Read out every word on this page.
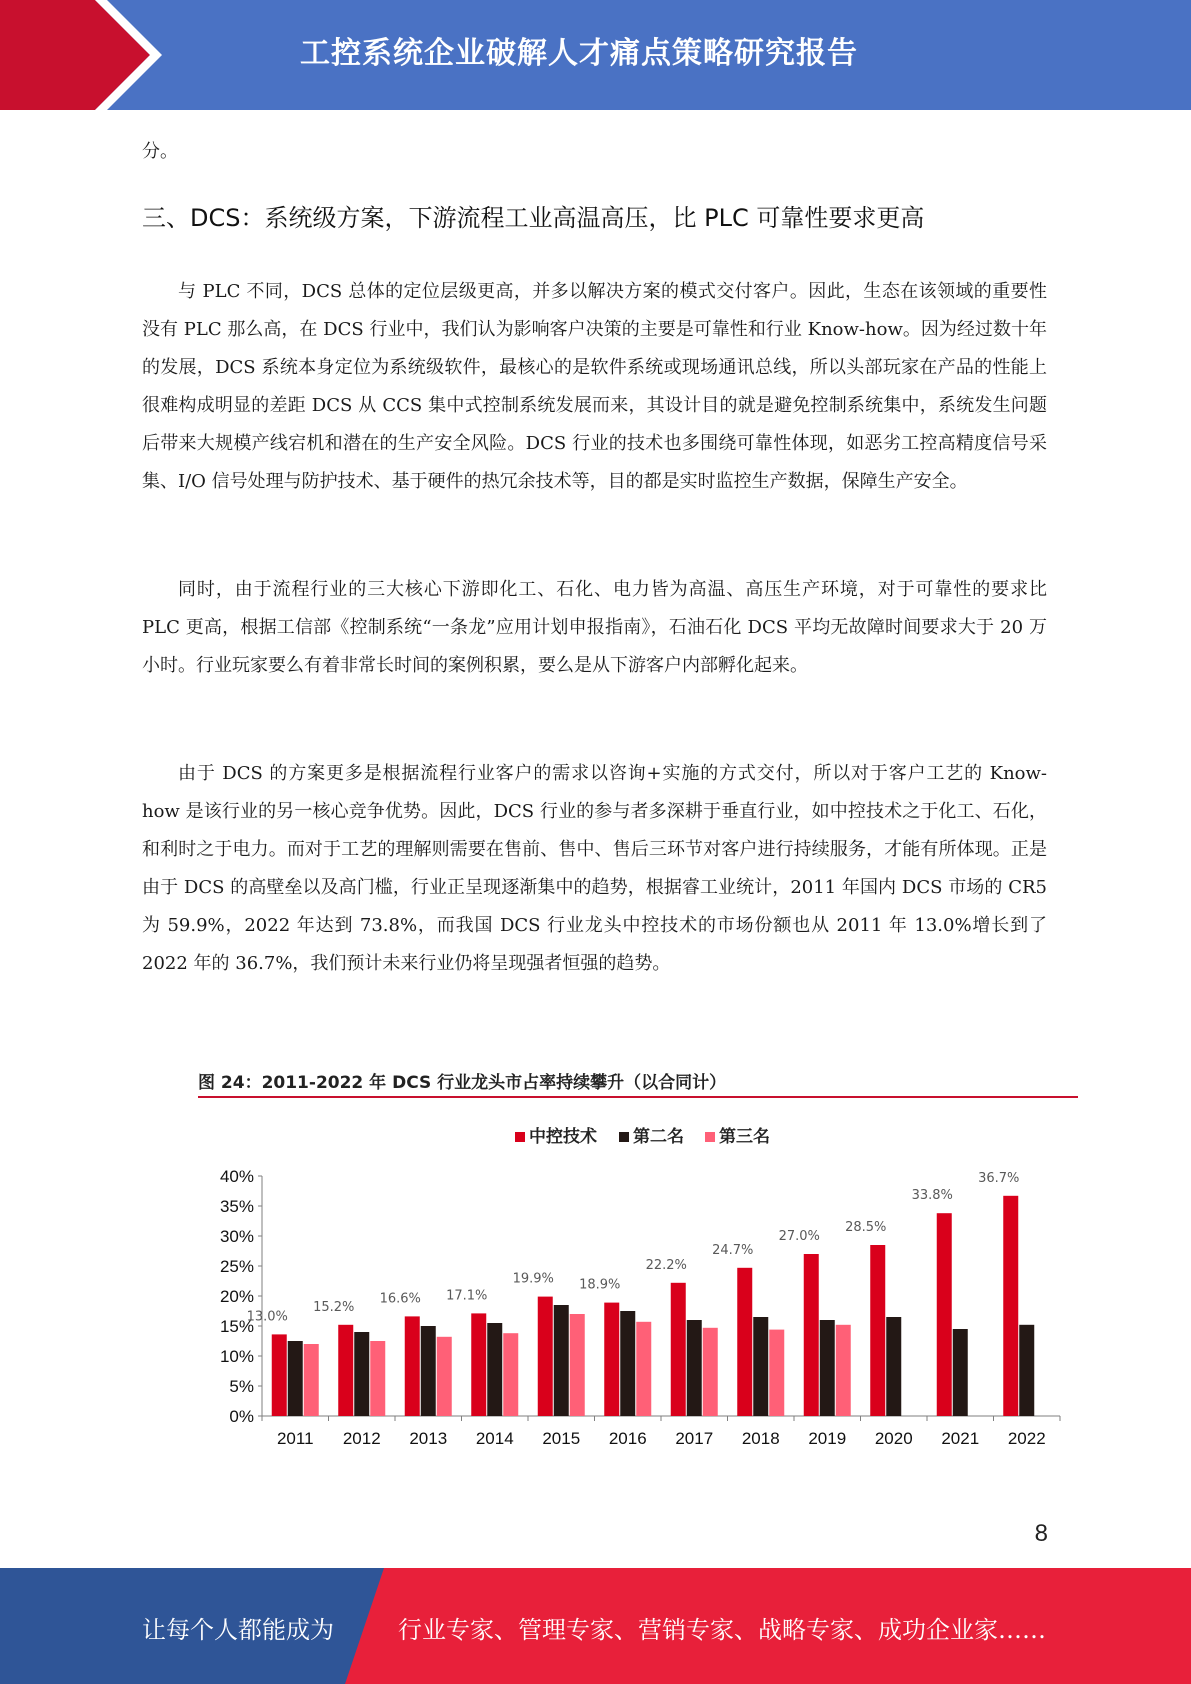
工控系统企业破解人才痛点策略研究报告

分。

三、DCS：系统级方案，下游流程工业高温高压，比 PLC 可靠性要求更高

与 PLC 不同，DCS 总体的定位层级更高，并多以解决方案的模式交付客户。因此，生态在该领域的重要性没有 PLC 那么高，在 DCS 行业中，我们认为影响客户决策的主要是可靠性和行业 Know-how。因为经过数十年的发展，DCS 系统本身定位为系统级软件，最核心的是软件系统或现场通讯总线，所以头部玩家在产品的性能上很难构成明显的差距 DCS 从 CCS 集中式控制系统发展而来，其设计目的就是避免控制系统集中，系统发生问题后带来大规模产线宕机和潜在的生产安全风险。DCS 行业的技术也多围绕可靠性体现，如恶劣工控高精度信号采集、I/O 信号处理与防护技术、基于硬件的热冗余技术等，目的都是实时监控生产数据，保障生产安全。

同时，由于流程行业的三大核心下游即化工、石化、电力皆为高温、高压生产环境，对于可靠性的要求比 PLC 更高，根据工信部《控制系统“一条龙”应用计划申报指南》，石油石化 DCS 平均无故障时间要求大于 20 万小时。行业玩家要么有着非常长时间的案例积累，要么是从下游客户内部孵化起来。

由于 DCS 的方案更多是根据流程行业客户的需求以咨询+实施的方式交付，所以对于客户工艺的 Know-how 是该行业的另一核心竞争优势。因此，DCS 行业的参与者多深耕于垂直行业，如中控技术之于化工、石化，和利时之于电力。而对于工艺的理解则需要在售前、售中、售后三环节对客户进行持续服务，才能有所体现。正是由于 DCS 的高壁垒以及高门槛，行业正呈现逐渐集中的趋势，根据睿工业统计，2011 年国内 DCS 市场的 CR5 为 59.9%，2022 年达到 73.8%，而我国 DCS 行业龙头中控技术的市场份额也从 2011 年 13.0%增长到了 2022 年的 36.7%，我们预计未来行业仍将呈现强者恒强的趋势。

图 24：2011-2022 年 DCS 行业龙头市占率持续攀升（以合同计）
中控技术 第二名 第三名
0%
5%
10%
15%
20%
25%
30%
35%
40%
13.0%
2011
15.2%
2012
16.6%
2013
17.1%
2014
19.9%
2015
18.9%
2016
22.2%
2017
24.7%
2018
27.0%
2019
28.5%
2020
33.8%
2021
36.7%
2022
8
让每个人都能成为	行业专家、管理专家、营销专家、战略专家、成功企业家……
